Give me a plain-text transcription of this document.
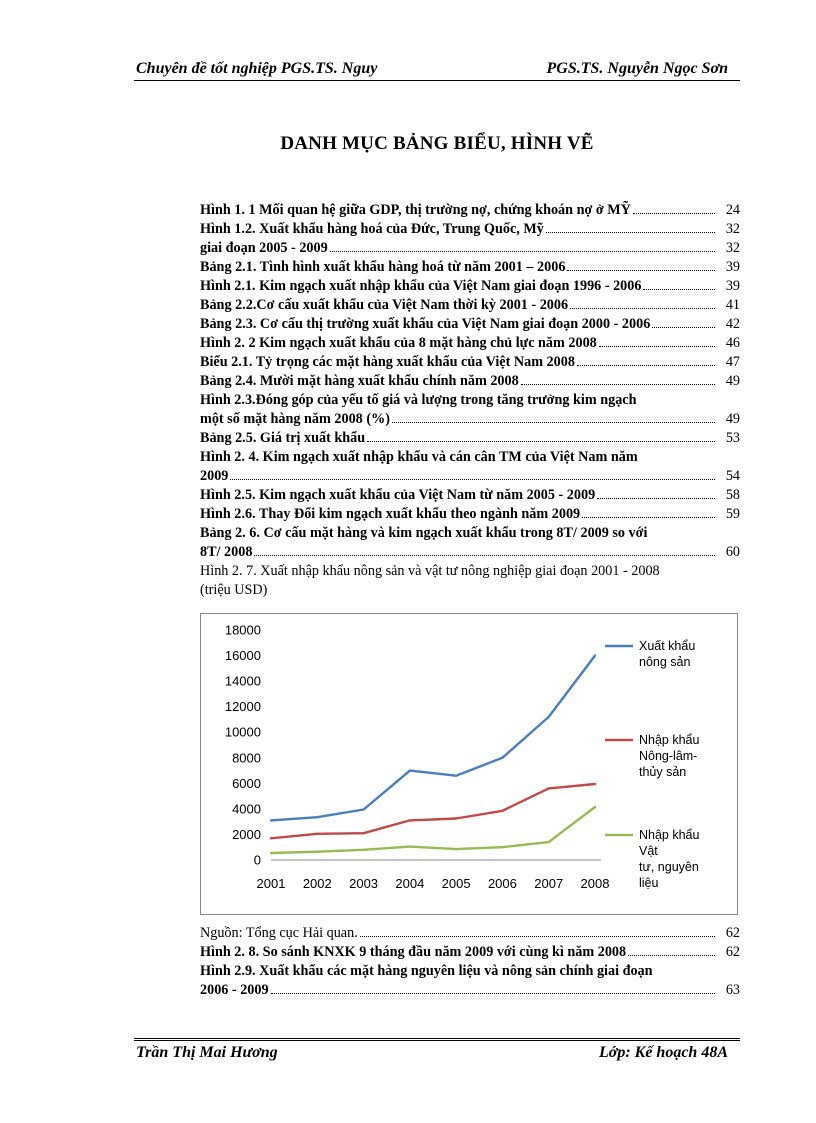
Chuyên đề tốt nghiệp PGS.TS. Nguy	PGS.TS. Nguyễn Ngọc Sơn
DANH MỤC BẢNG BIỂU, HÌNH VẼ
Hình 1. 1 Mối quan hệ giữa GDP, thị trường nợ, chứng khoán nợ ở MỸ	24
Hình 1.2. Xuất khẩu hàng hoá của Đức, Trung Quốc, Mỹ	32
giai đoạn 2005 - 2009	32
Bảng 2.1. Tình hình xuất khẩu hàng hoá từ năm 2001 – 2006	39
Hình 2.1. Kim ngạch xuất nhập khẩu của Việt Nam giai đoạn 1996 - 2006	39
Bảng 2.2.Cơ cấu xuất khẩu của Việt Nam thời kỳ 2001 - 2006	41
Bảng 2.3. Cơ cấu thị trường xuất khẩu của Việt Nam giai đoạn 2000 - 2006	42
Hình 2. 2 Kim ngạch xuất khẩu của 8 mặt hàng chủ lực năm 2008	46
Biểu 2.1. Tỷ trọng các mặt hàng xuất khẩu của Việt Nam 2008	47
Bảng 2.4. Mười mặt hàng xuất khẩu chính năm 2008	49
Hình 2.3.Đóng góp của yếu tố giá và lượng trong tăng trưởng kim ngạch
một số mặt hàng năm 2008 (%)	49
Bảng 2.5. Giá trị xuất khẩu	53
Hình 2. 4. Kim ngạch xuất nhập khẩu và cán cân TM của Việt Nam năm
2009	54
Hình 2.5. Kim ngạch xuất khẩu của Việt Nam từ năm 2005 - 2009	58
Hình 2.6. Thay Đổi kim ngạch xuất khẩu theo ngành năm 2009	59
Bảng 2. 6. Cơ cấu mặt hàng và kim ngạch xuất khẩu trong 8T/ 2009 so với
8T/ 2008	60
Hình 2. 7. Xuất nhập khẩu nông sản và vật tư nông nghiệp giai đoạn 2001 - 2008
(triệu USD)
0
2000
4000
6000
8000
10000
12000
14000
16000
18000
2001 2002 2003 2004 2005 2006 2007 2008
Xuất khẩu
nông sản
Nhập khẩu
Nông-lâm-
thủy sản
Nhập khẩu
Vật
tư, nguyên
liệu
Nguồn: Tổng cục Hải quan.	62
Hình 2. 8. So sánh KNXK 9 tháng đầu năm 2009 với cùng kì năm 2008	62
Hình 2.9. Xuất khẩu các mặt hàng nguyên liệu và nông sản chính giai đoạn
2006 - 2009	63
Trần Thị Mai Hương	Lớp: Kế hoạch 48A
